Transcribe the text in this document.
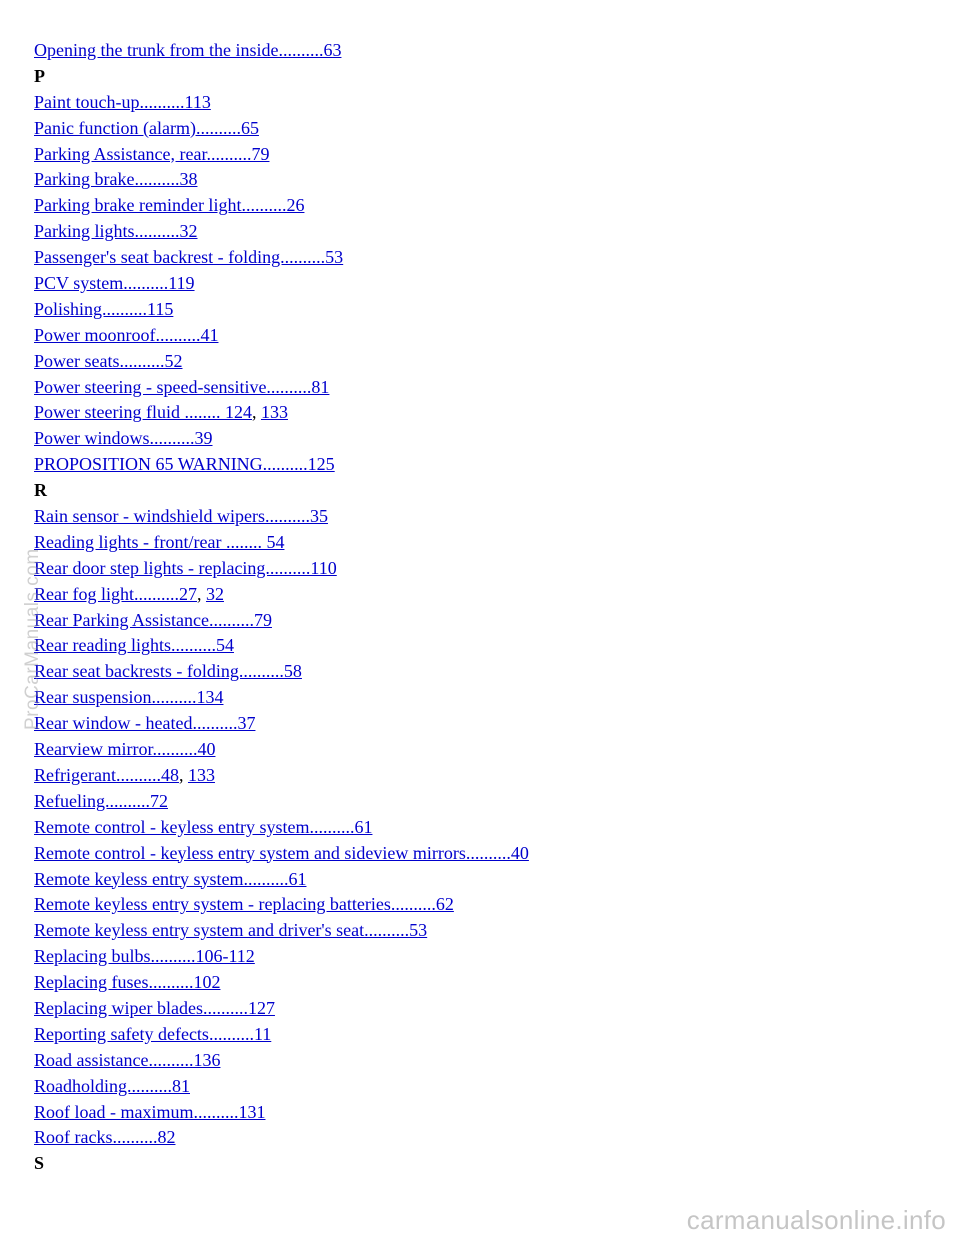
Opening the trunk from the inside..........63
P
Paint touch-up..........113
Panic function (alarm)..........65
Parking Assistance, rear..........79
Parking brake..........38
Parking brake reminder light..........26
Parking lights..........32
Passenger's seat backrest - folding..........53
PCV system..........119
Polishing..........115
Power moonroof..........41
Power seats..........52
Power steering - speed-sensitive..........81
Power steering fluid ........ 124, 133
Power windows..........39
PROPOSITION 65 WARNING..........125
R
Rain sensor - windshield wipers..........35
Reading lights - front/rear ........ 54
Rear door step lights - replacing..........110
Rear fog light..........27, 32
Rear Parking Assistance..........79
Rear reading lights..........54
Rear seat backrests - folding..........58
Rear suspension..........134
Rear window - heated..........37
Rearview mirror..........40
Refrigerant..........48, 133
Refueling..........72
Remote control - keyless entry system..........61
Remote control - keyless entry system and sideview mirrors..........40
Remote keyless entry system..........61
Remote keyless entry system - replacing batteries..........62
Remote keyless entry system and driver's seat..........53
Replacing bulbs..........106-112
Replacing fuses..........102
Replacing wiper blades..........127
Reporting safety defects..........11
Road assistance..........136
Roadholding..........81
Roof load - maximum..........131
Roof racks..........82
S
ProCarManuals.com
carmanualsonline.info
